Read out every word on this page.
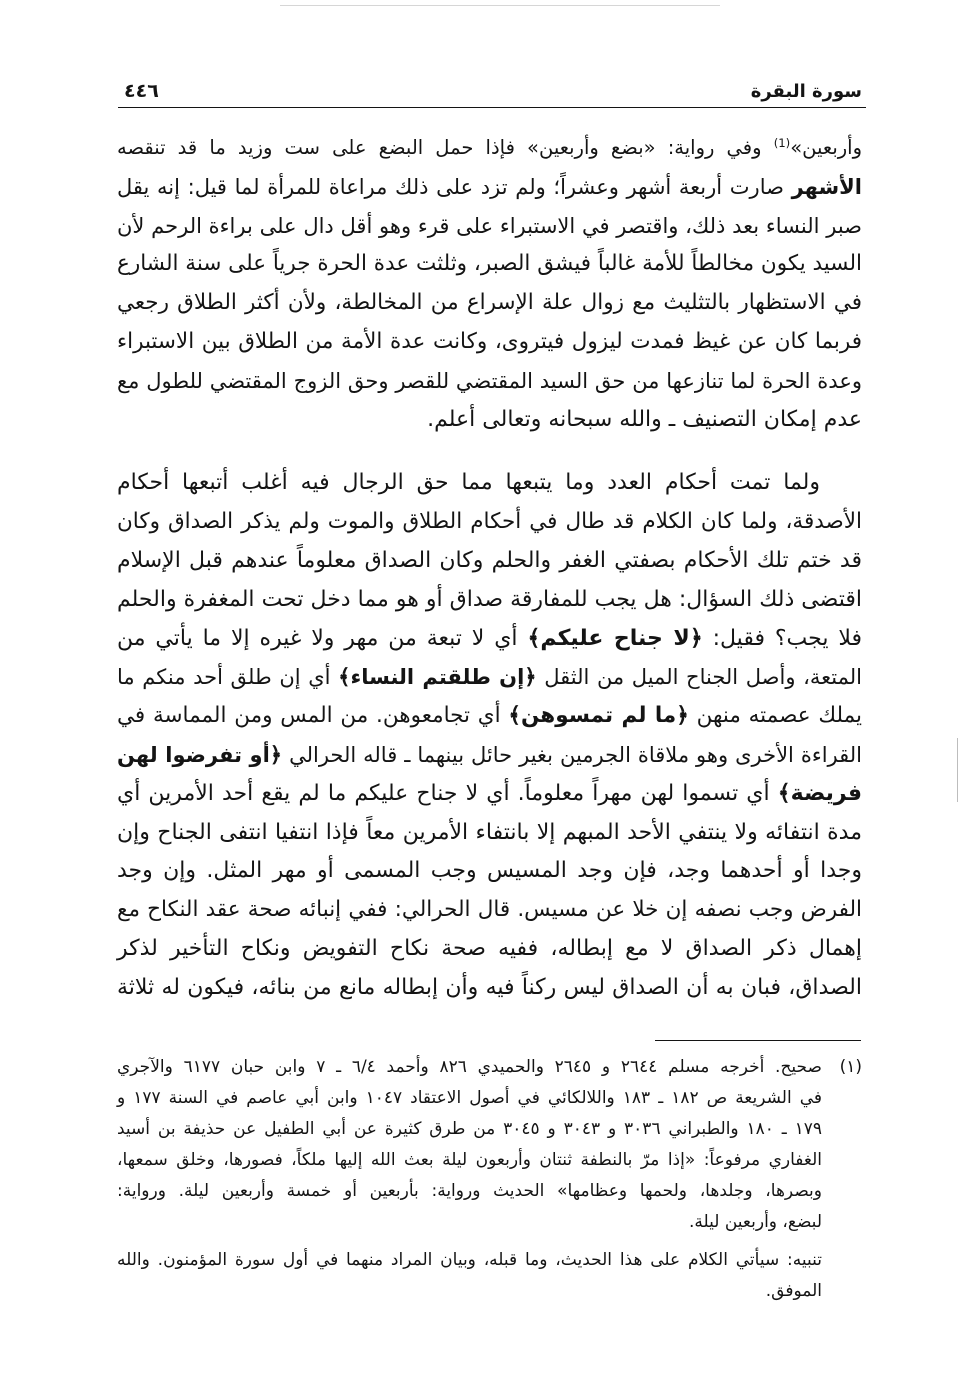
سورة البقرة
٤٤٦
وأربعين»$^{(1)}$ وفي رواية: «بضع وأربعين» فإذا حمل البضع على ست وزيد ما قد تنقصه
الأشهر صارت أربعة أشهر وعشراً؛ ولم تزد على ذلك مراعاة للمرأة لما قيل: إنه يقل
صبر النساء بعد ذلك، واقتصر في الاستبراء على قرء وهو أقل دال على براءة الرحم لأن
السيد يكون مخالطاً للأمة غالباً فيشق الصبر، وثلثت عدة الحرة جرياً على سنة الشارع
في الاستظهار بالتثليث مع زوال علة الإسراع من المخالطة، ولأن أكثر الطلاق رجعي
فربما كان عن غيظ فمدت ليزول فيتروى، وكانت عدة الأمة من الطلاق بين الاستبراء
وعدة الحرة لما تنازعها من حق السيد المقتضي للقصر وحق الزوج المقتضي للطول مع
عدم إمكان التصنيف ـ والله سبحانه وتعالى أعلم.
ولما تمت أحكام العدد وما يتبعها مما حق الرجال فيه أغلب أتبعها أحكام
الأصدقة، ولما كان الكلام قد طال في أحكام الطلاق والموت ولم يذكر الصداق وكان
قد ختم تلك الأحكام بصفتي الغفر والحلم وكان الصداق معلوماً عندهم قبل الإسلام
اقتضى ذلك السؤال: هل يجب للمفارقة صداق أو هو مما دخل تحت المغفرة والحلم
فلا يجب؟ فقيل: ﴿لا جناح عليكم﴾ أي لا تبعة من مهر ولا غيره إلا ما يأتي من
المتعة، وأصل الجناح الميل من الثقل ﴿إن طلقتم النساء﴾ أي إن طلق أحد منكم ما
يملك عصمته منهن ﴿ما لم تمسوهن﴾ أي تجامعوهن. من المس ومن المماسة في
القراءة الأخرى وهو ملاقاة الجرمين بغير حائل بينهما ـ قاله الحرالي ﴿أو تفرضوا لهن
فريضة﴾ أي تسموا لهن مهراً معلوماً. أي لا جناح عليكم ما لم يقع أحد الأمرين أي
مدة انتفائه ولا ينتفي الأحد المبهم إلا بانتفاء الأمرين معاً فإذا انتفيا انتفى الجناح وإن
وجدا أو أحدهما وجد، فإن وجد المسيس وجب المسمى أو مهر المثل. وإن وجد
الفرض وجب نصفه إن خلا عن مسيس. قال الحرالي: ففي إنبائه صحة عقد النكاح مع
إهمال ذكر الصداق لا مع إبطاله، ففيه صحة نكاح التفويض ونكاح التأخير لذكر
الصداق، فبان به أن الصداق ليس ركناً فيه وأن إبطاله مانع من بنائه، فيكون له ثلاثة
(١)
صحيح. أخرجه مسلم ٢٦٤٤ و ٢٦٤٥ والحميدي ٨٢٦ وأحمد ٦/٤ ـ ٧ وابن حبان ٦١٧٧ والآجري
في الشريعة ص ١٨٢ ـ ١٨٣ واللالكائي في أصول الاعتقاد ١٠٤٧ وابن أبي عاصم في السنة ١٧٧ و
١٧٩ ـ ١٨٠ والطبراني ٣٠٣٦ و ٣٠٤٣ و ٣٠٤٥ من طرق كثيرة عن أبي الطفيل عن حذيفة بن أسيد
الغفاري مرفوعاً: «إذا مرّ بالنطفة ثنتان وأربعون ليلة بعث الله إليها ملكاً، فصورها، وخلق سمعها،
وبصرها، وجلدها، ولحمها وعظامها» الحديث ورواية: بأربعين أو خمسة وأربعين ليلة. ورواية:
لبضع، وأربعين ليلة.
تنبيه: سيأتي الكلام على هذا الحديث، وما قبله، وبيان المراد منهما في أول سورة المؤمنون. والله
الموفق.
